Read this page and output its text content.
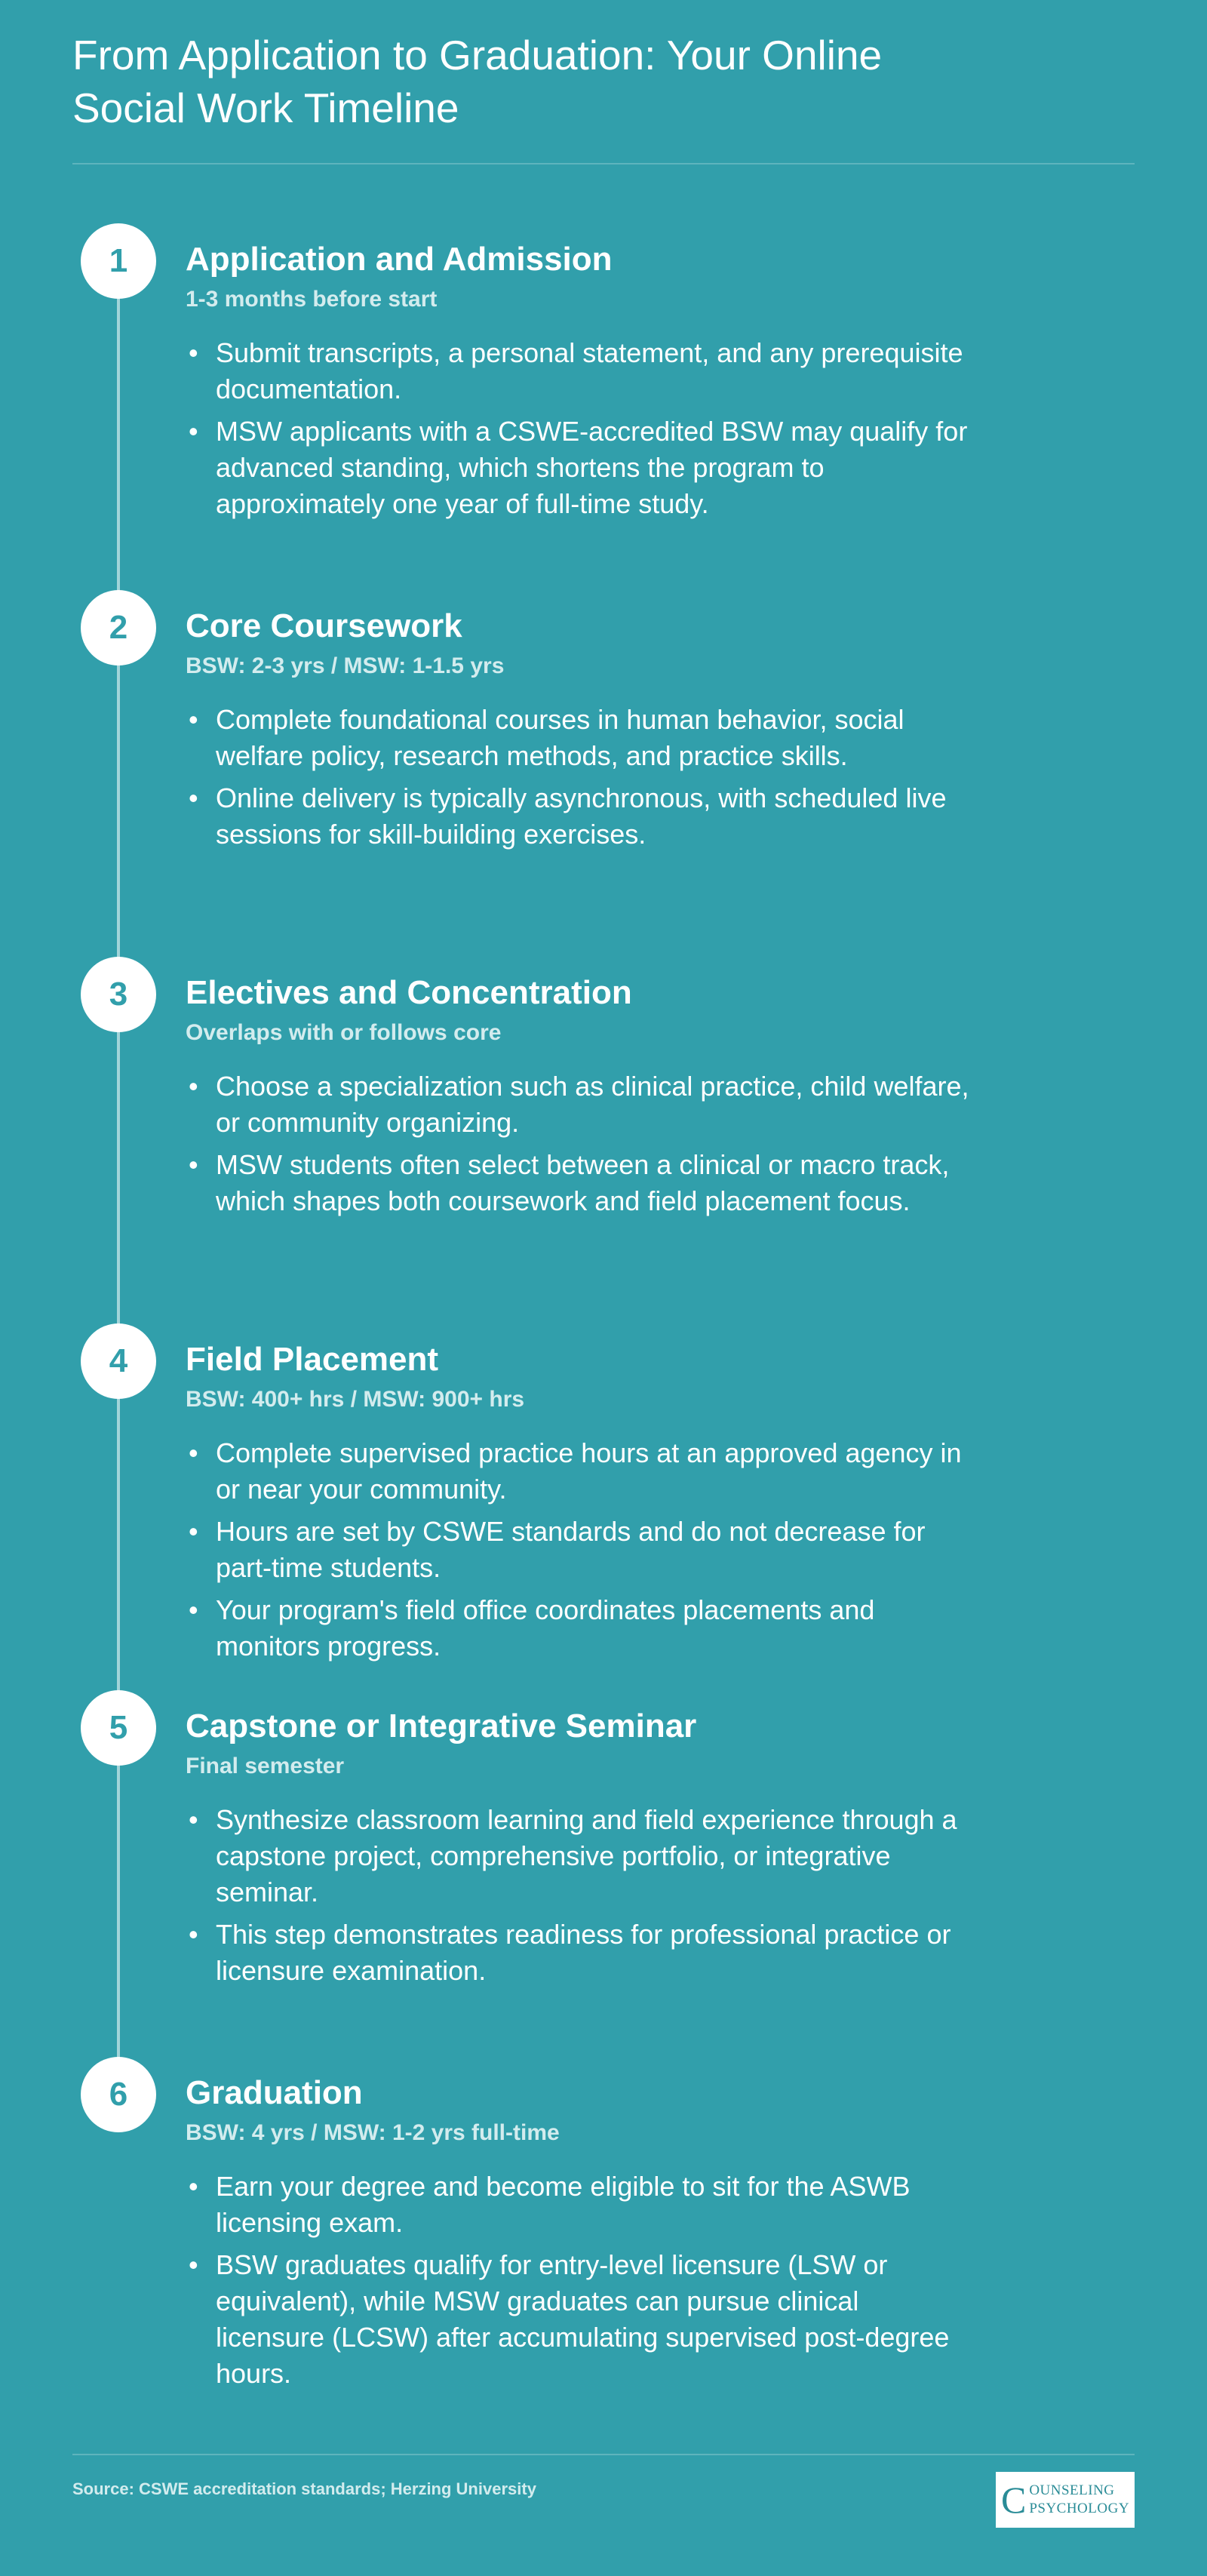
From Application to Graduation: Your Online Social Work Timeline
1	Application and Admission

1-3 months before start

• Submit transcripts, a personal statement, and any prerequisite documentation.
• MSW applicants with a CSWE-accredited BSW may qualify for advanced standing, which shortens the program to approximately one year of full-time study.
2	Core Coursework

BSW: 2-3 yrs / MSW: 1-1.5 yrs

• Complete foundational courses in human behavior, social welfare policy, research methods, and practice skills.
• Online delivery is typically asynchronous, with scheduled live sessions for skill-building exercises.
3	Electives and Concentration

Overlaps with or follows core

• Choose a specialization such as clinical practice, child welfare, or community organizing.
• MSW students often select between a clinical or macro track, which shapes both coursework and field placement focus.
4	Field Placement

BSW: 400+ hrs / MSW: 900+ hrs

• Complete supervised practice hours at an approved agency in or near your community.
• Hours are set by CSWE standards and do not decrease for part-time students.
• Your program's field office coordinates placements and monitors progress.
5	Capstone or Integrative Seminar

Final semester

• Synthesize classroom learning and field experience through a capstone project, comprehensive portfolio, or integrative seminar.
• This step demonstrates readiness for professional practice or licensure examination.
6	Graduation

BSW: 4 yrs / MSW: 1-2 yrs full-time

• Earn your degree and become eligible to sit for the ASWB licensing exam.
• BSW graduates qualify for entry-level licensure (LSW or equivalent), while MSW graduates can pursue clinical licensure (LCSW) after accumulating supervised post-degree hours.
Source: CSWE accreditation standards; Herzing University	C OUNSELING
PSYCHOLOGY
